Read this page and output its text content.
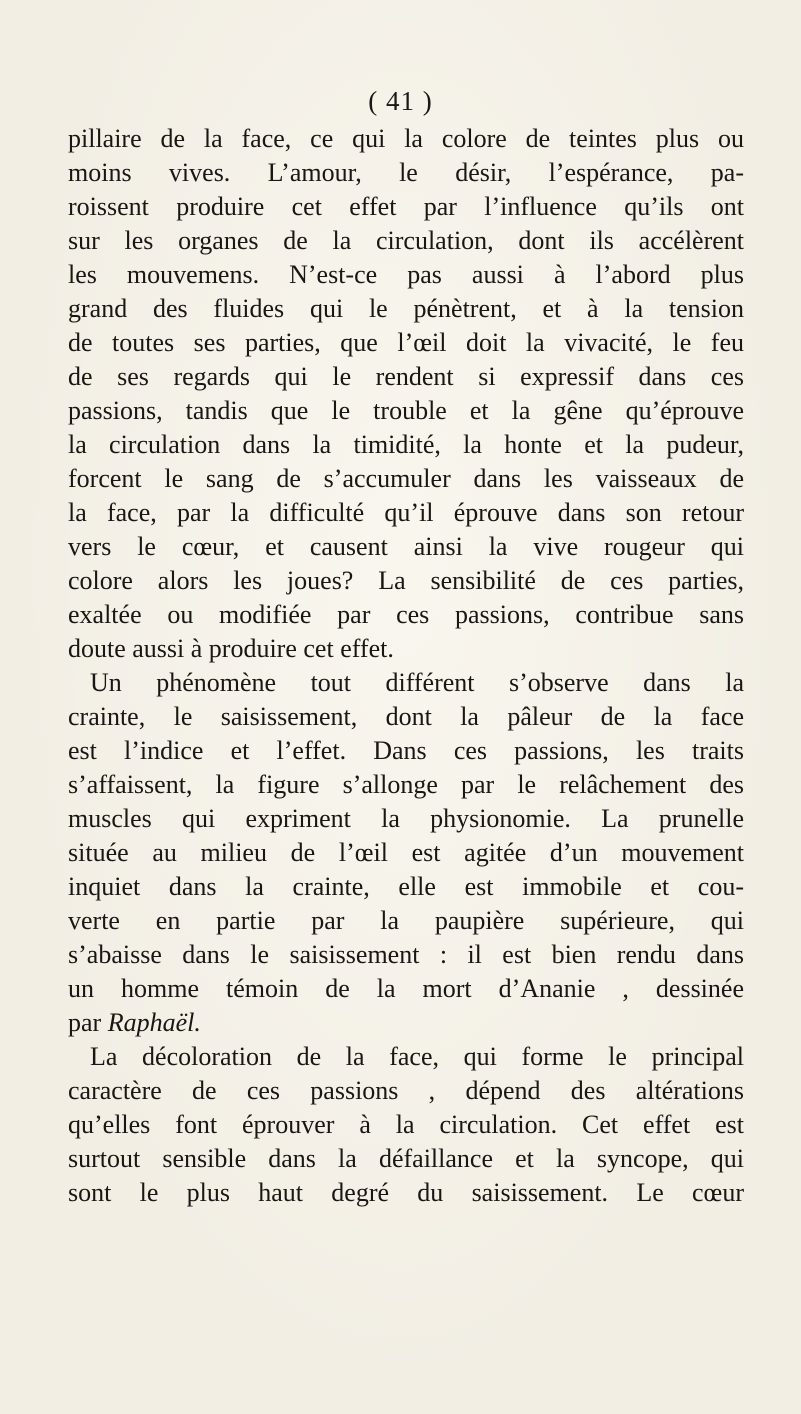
( 41 )
pillaire de la face, ce qui la colore de teintes plus ou
moins vives. L’amour, le désir, l’espérance, pa-
roissent produire cet effet par l’influence qu’ils ont
sur les organes de la circulation, dont ils accélèrent
les mouvemens. N’est-ce pas aussi à l’abord plus
grand des fluides qui le pénètrent, et à la tension
de toutes ses parties, que l’œil doit la vivacité, le feu
de ses regards qui le rendent si expressif dans ces
passions, tandis que le trouble et la gêne qu’éprouve
la circulation dans la timidité, la honte et la pudeur,
forcent le sang de s’accumuler dans les vaisseaux de
la face, par la difficulté qu’il éprouve dans son retour
vers le cœur, et causent ainsi la vive rougeur qui
colore alors les joues? La sensibilité de ces parties,
exaltée ou modifiée par ces passions, contribue sans
doute aussi à produire cet effet.
Un phénomène tout différent s’observe dans la
crainte, le saisissement, dont la pâleur de la face
est l’indice et l’effet. Dans ces passions, les traits
s’affaissent, la figure s’allonge par le relâchement des
muscles qui expriment la physionomie. La prunelle
située au milieu de l’œil est agitée d’un mouvement
inquiet dans la crainte, elle est immobile et cou-
verte en partie par la paupière supérieure, qui
s’abaisse dans le saisissement : il est bien rendu dans
un homme témoin de la mort d’Ananie , dessinée
par Raphaël.
La décoloration de la face, qui forme le principal
caractère de ces passions , dépend des altérations
qu’elles font éprouver à la circulation. Cet effet est
surtout sensible dans la défaillance et la syncope, qui
sont le plus haut degré du saisissement. Le cœur
